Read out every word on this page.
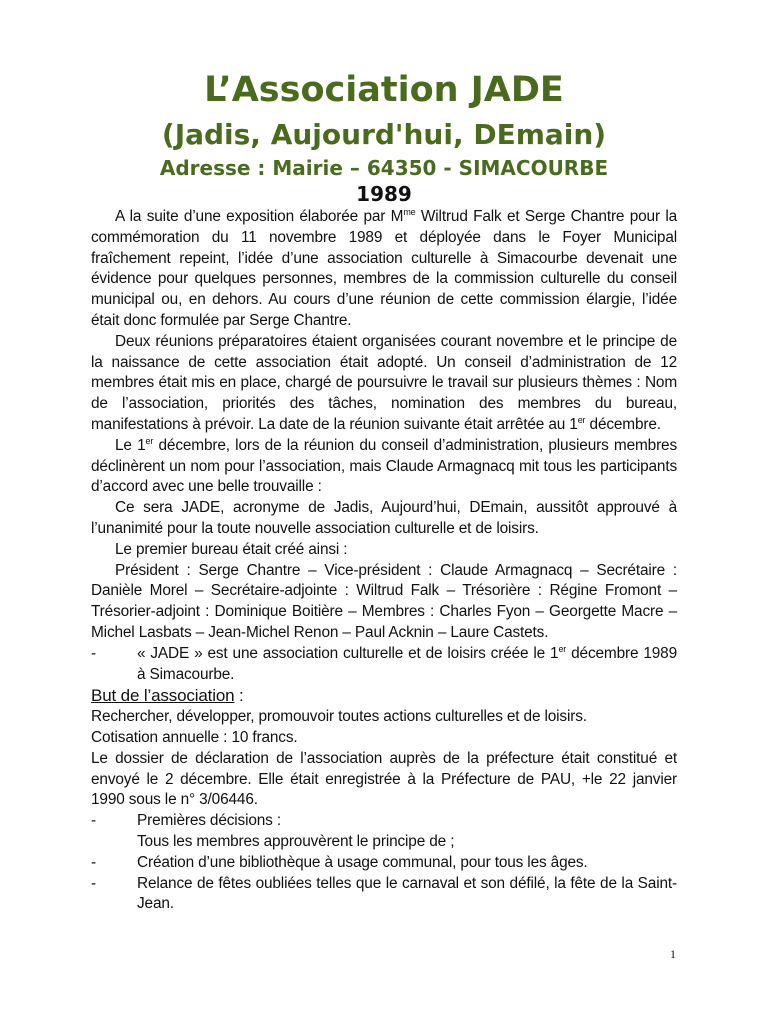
L’Association JADE
(Jadis, Aujourd'hui, DEmain)
Adresse : Mairie – 64350 - SIMACOURBE
1989

A la suite d’une exposition élaborée par $M^{me}$ Wiltrud Falk et Serge Chantre pour la commémoration du 11 novembre 1989 et déployée dans le Foyer Municipal fraîchement repeint, l’idée d’une association culturelle à Simacourbe devenait une évidence pour quelques personnes, membres de la commission culturelle du conseil municipal ou, en dehors. Au cours d’une réunion de cette commission élargie, l’idée était donc formulée par Serge Chantre.

Deux réunions préparatoires étaient organisées courant novembre et le principe de la naissance de cette association était adopté. Un conseil d’administration de 12 membres était mis en place, chargé de poursuivre le travail sur plusieurs thèmes : Nom de l’association, priorités des tâches, nomination des membres du bureau, manifestations à prévoir. La date de la réunion suivante était arrêtée au 1er décembre.

Le 1er décembre, lors de la réunion du conseil d’administration, plusieurs membres déclinèrent un nom pour l’association, mais Claude Armagnacq mit tous les participants d’accord avec une belle trouvaille :

Ce sera JADE, acronyme de Jadis, Aujourd’hui, DEmain, aussitôt approuvé à l’unanimité pour la toute nouvelle association culturelle et de loisirs.

Le premier bureau était créé ainsi :

Président : Serge Chantre – Vice-président : Claude Armagnacq – Secrétaire : Danièle Morel – Secrétaire-adjointe : Wiltrud Falk – Trésorière : Régine Fromont – Trésorier-adjoint : Dominique Boitière – Membres : Charles Fyon – Georgette Macre – Michel Lasbats – Jean-Michel Renon – Paul Acknin – Laure Castets.

-	« JADE » est une association culturelle et de loisirs créée le 1er décembre 1989 à Simacourbe.

But de l’association :

Rechercher, développer, promouvoir toutes actions culturelles et de loisirs.

Cotisation annuelle : 10 francs.

Le dossier de déclaration de l’association auprès de la préfecture était constitué et envoyé le 2 décembre. Elle était enregistrée à la Préfecture de PAU, +le 22 janvier 1990 sous le n° 3/06446.

-	Premières décisions :

Tous les membres approuvèrent le principe de ;

-	Création d’une bibliothèque à usage communal, pour tous les âges.
-	Relance de fêtes oubliées telles que le carnaval et son défilé, la fête de la Saint-Jean.
1
